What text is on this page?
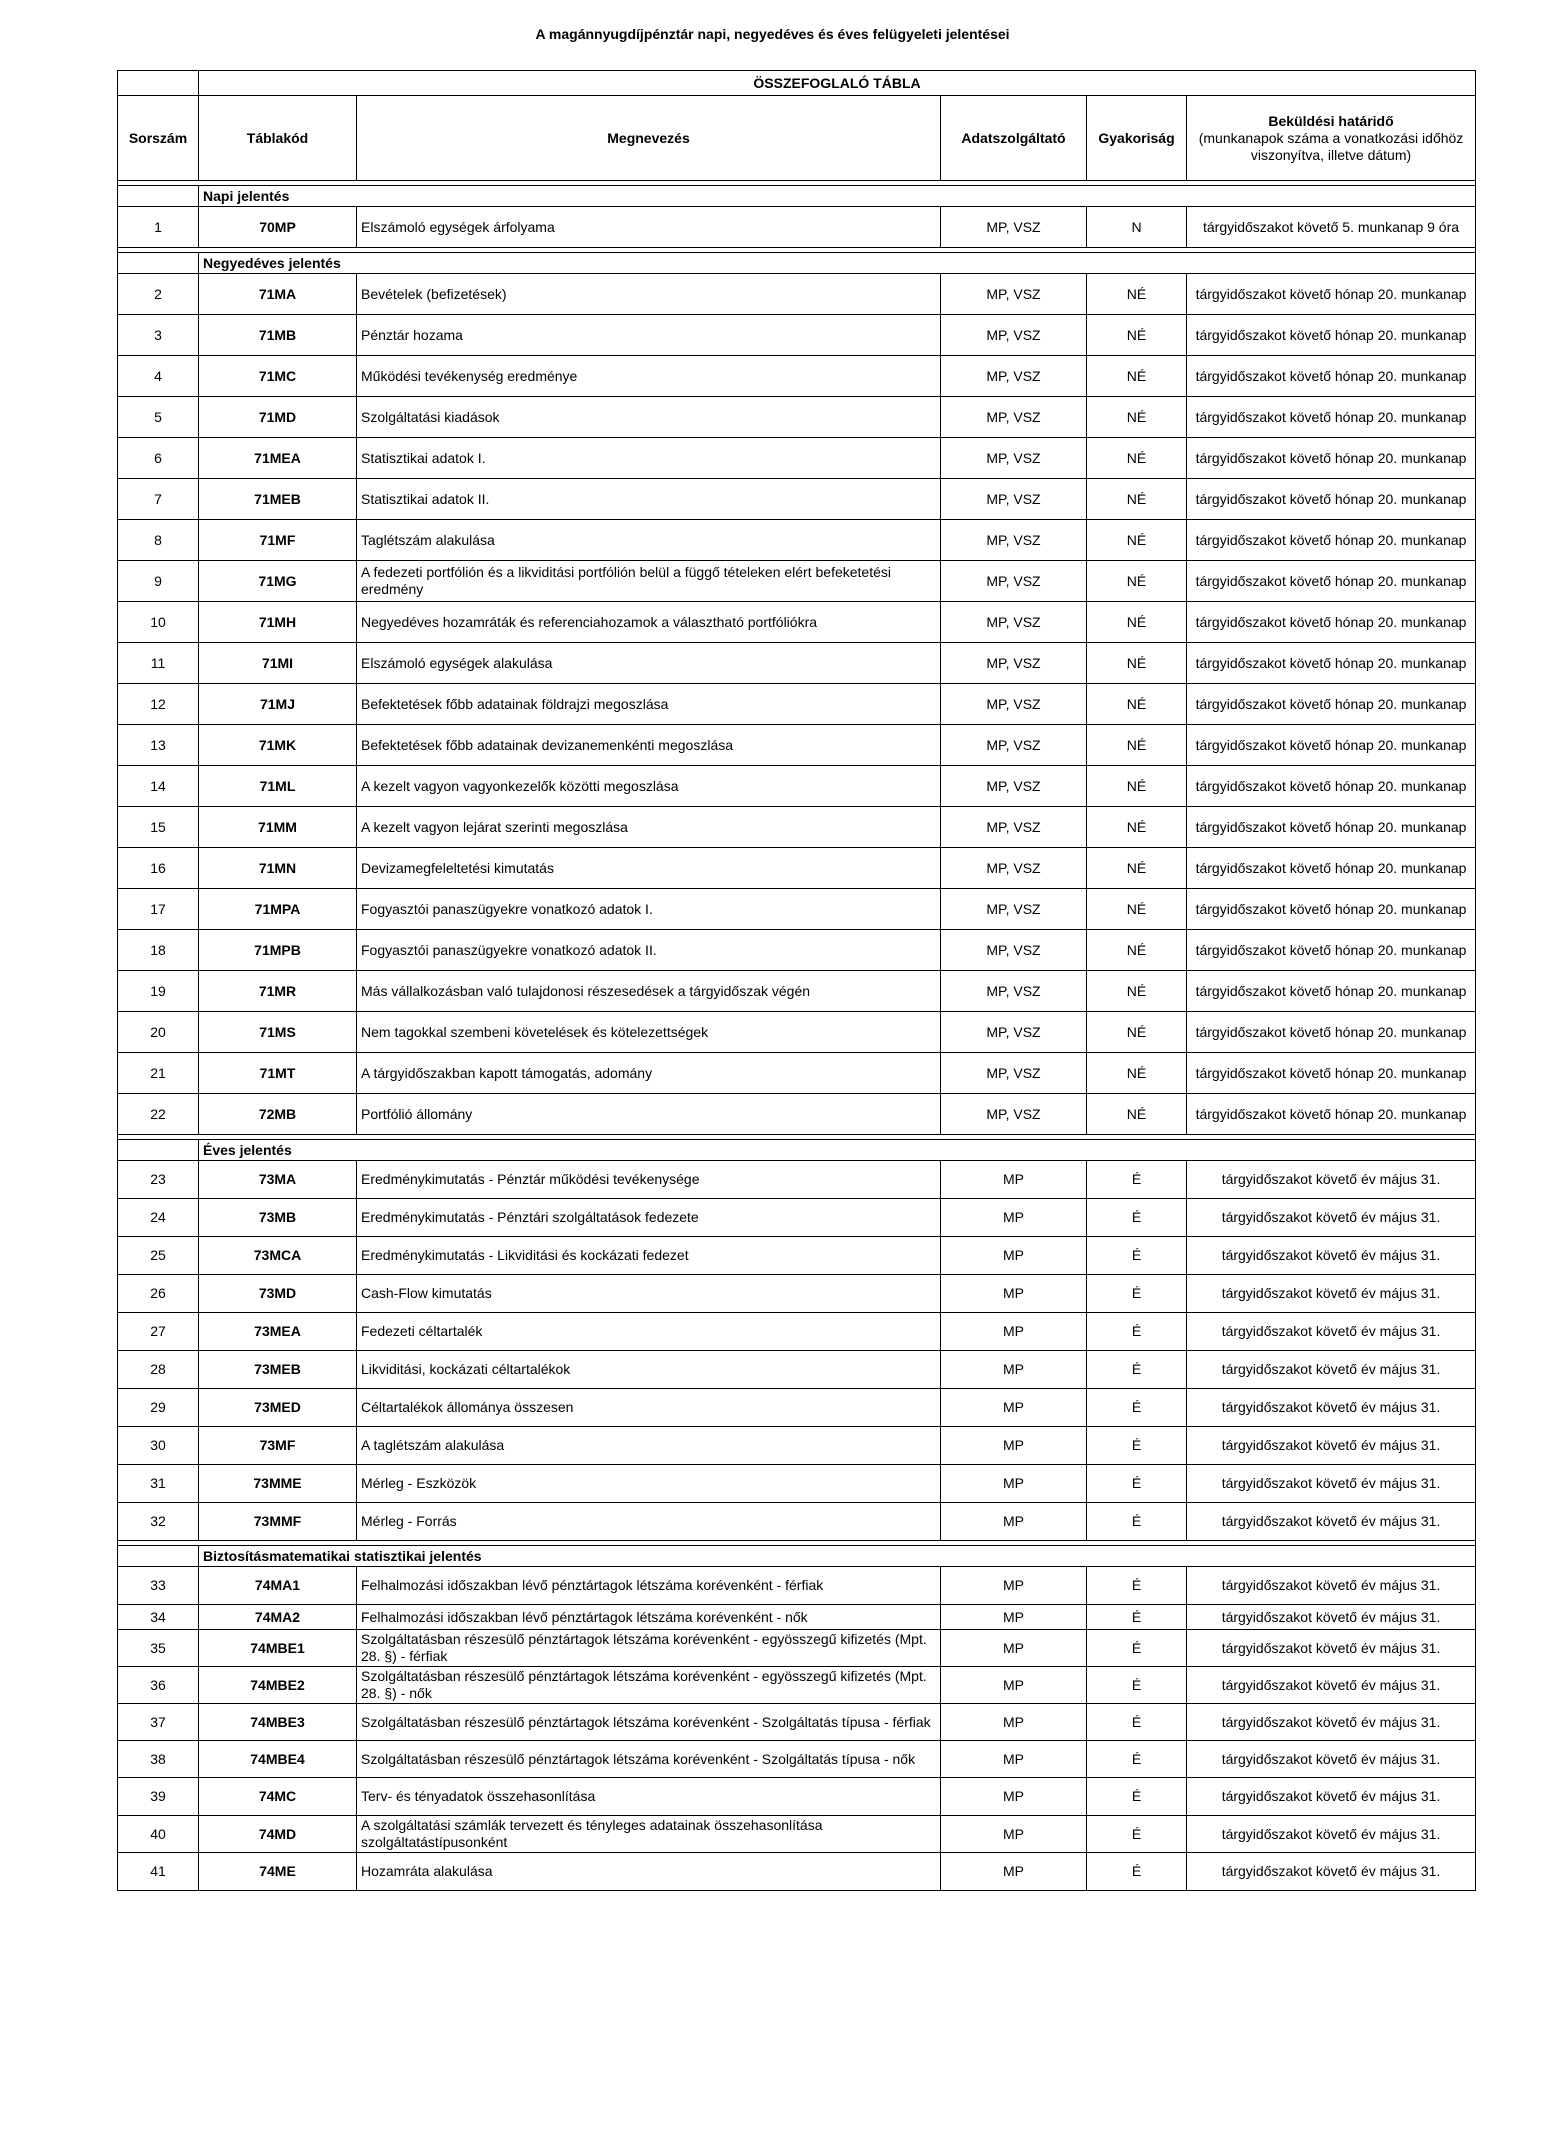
A magánnyugdíjpénztár napi, negyedéves és éves felügyeleti jelentései
	ÖSSZEFOGLALÓ TÁBLA				
Sorszám	Táblakód	Megnevezés	Adatszolgáltató	Gyakoriság	Beküldési határidő
(munkanapok száma a vonatkozási időhöz viszonyítva, illetve dátum)

	Napi jelentés				
1	70MP	Elszámoló egységek árfolyama	MP, VSZ	N	tárgyidőszakot követő 5. munkanap 9 óra

	Negyedéves jelentés				
2	71MA	Bevételek (befizetések)	MP, VSZ	NÉ	tárgyidőszakot követő hónap 20. munkanap
3	71MB	Pénztár hozama	MP, VSZ	NÉ	tárgyidőszakot követő hónap 20. munkanap
4	71MC	Működési tevékenység eredménye	MP, VSZ	NÉ	tárgyidőszakot követő hónap 20. munkanap
5	71MD	Szolgáltatási kiadások	MP, VSZ	NÉ	tárgyidőszakot követő hónap 20. munkanap
6	71MEA	Statisztikai adatok I.	MP, VSZ	NÉ	tárgyidőszakot követő hónap 20. munkanap
7	71MEB	Statisztikai adatok II.	MP, VSZ	NÉ	tárgyidőszakot követő hónap 20. munkanap
8	71MF	Taglétszám alakulása	MP, VSZ	NÉ	tárgyidőszakot követő hónap 20. munkanap
9	71MG	A fedezeti portfólión és a likviditási portfólión belül a függő tételeken elért befeketetési eredmény	MP, VSZ	NÉ	tárgyidőszakot követő hónap 20. munkanap
10	71MH	Negyedéves hozamráták és referenciahozamok a választható portfóliókra	MP, VSZ	NÉ	tárgyidőszakot követő hónap 20. munkanap
11	71MI	Elszámoló egységek alakulása	MP, VSZ	NÉ	tárgyidőszakot követő hónap 20. munkanap
12	71MJ	Befektetések főbb adatainak földrajzi megoszlása	MP, VSZ	NÉ	tárgyidőszakot követő hónap 20. munkanap
13	71MK	Befektetések főbb adatainak devizanemenkénti megoszlása	MP, VSZ	NÉ	tárgyidőszakot követő hónap 20. munkanap
14	71ML	A kezelt vagyon vagyonkezelők közötti megoszlása	MP, VSZ	NÉ	tárgyidőszakot követő hónap 20. munkanap
15	71MM	A kezelt vagyon lejárat szerinti megoszlása	MP, VSZ	NÉ	tárgyidőszakot követő hónap 20. munkanap
16	71MN	Devizamegfeleltetési kimutatás	MP, VSZ	NÉ	tárgyidőszakot követő hónap 20. munkanap
17	71MPA	Fogyasztói panaszügyekre vonatkozó adatok I.	MP, VSZ	NÉ	tárgyidőszakot követő hónap 20. munkanap
18	71MPB	Fogyasztói panaszügyekre vonatkozó adatok II.	MP, VSZ	NÉ	tárgyidőszakot követő hónap 20. munkanap
19	71MR	Más vállalkozásban való tulajdonosi részesedések a tárgyidőszak végén	MP, VSZ	NÉ	tárgyidőszakot követő hónap 20. munkanap
20	71MS	Nem tagokkal szembeni követelések és kötelezettségek	MP, VSZ	NÉ	tárgyidőszakot követő hónap 20. munkanap
21	71MT	A tárgyidőszakban kapott támogatás, adomány	MP, VSZ	NÉ	tárgyidőszakot követő hónap 20. munkanap
22	72MB	Portfólió állomány	MP, VSZ	NÉ	tárgyidőszakot követő hónap 20. munkanap

	Éves jelentés				
23	73MA	Eredménykimutatás - Pénztár működési tevékenysége	MP	É	tárgyidőszakot követő év május 31.
24	73MB	Eredménykimutatás - Pénztári szolgáltatások fedezete	MP	É	tárgyidőszakot követő év május 31.
25	73MCA	Eredménykimutatás - Likviditási és kockázati fedezet	MP	É	tárgyidőszakot követő év május 31.
26	73MD	Cash-Flow kimutatás	MP	É	tárgyidőszakot követő év május 31.
27	73MEA	Fedezeti céltartalék	MP	É	tárgyidőszakot követő év május 31.
28	73MEB	Likviditási, kockázati céltartalékok	MP	É	tárgyidőszakot követő év május 31.
29	73MED	Céltartalékok állománya összesen	MP	É	tárgyidőszakot követő év május 31.
30	73MF	A taglétszám alakulása	MP	É	tárgyidőszakot követő év május 31.
31	73MME	Mérleg - Eszközök	MP	É	tárgyidőszakot követő év május 31.
32	73MMF	Mérleg - Forrás	MP	É	tárgyidőszakot követő év május 31.

	Biztosításmatematikai statisztikai jelentés				
33	74MA1	Felhalmozási időszakban lévő pénztártagok létszáma korévenként - férfiak	MP	É	tárgyidőszakot követő év május 31.
34	74MA2	Felhalmozási időszakban lévő pénztártagok létszáma korévenként - nők	MP	É	tárgyidőszakot követő év május 31.
35	74MBE1	Szolgáltatásban részesülő pénztártagok létszáma korévenként - egyösszegű kifizetés (Mpt. 28. §) - férfiak	MP	É	tárgyidőszakot követő év május 31.
36	74MBE2	Szolgáltatásban részesülő pénztártagok létszáma korévenként - egyösszegű kifizetés (Mpt. 28. §) - nők	MP	É	tárgyidőszakot követő év május 31.
37	74MBE3	Szolgáltatásban részesülő pénztártagok létszáma korévenként - Szolgáltatás típusa - férfiak	MP	É	tárgyidőszakot követő év május 31.
38	74MBE4	Szolgáltatásban részesülő pénztártagok létszáma korévenként - Szolgáltatás típusa - nők	MP	É	tárgyidőszakot követő év május 31.
39	74MC	Terv- és tényadatok összehasonlítása	MP	É	tárgyidőszakot követő év május 31.
40	74MD	A szolgáltatási számlák tervezett és tényleges adatainak összehasonlítása szolgáltatástípusonként	MP	É	tárgyidőszakot követő év május 31.
41	74ME	Hozamráta alakulása	MP	É	tárgyidőszakot követő év május 31.
